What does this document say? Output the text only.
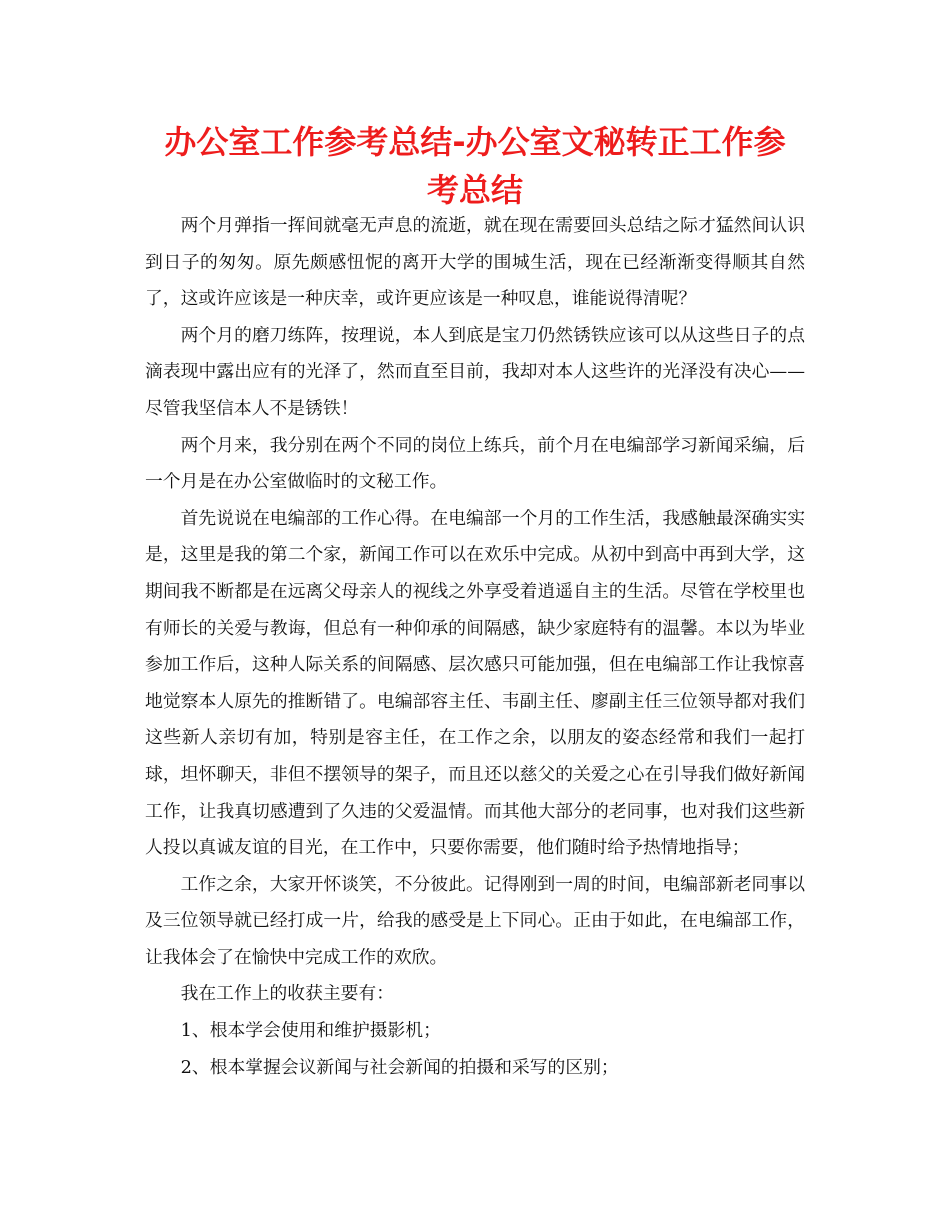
办公室工作参考总结-办公室文秘转正工作参考总结

两个月弹指一挥间就毫无声息的流逝，就在现在需要回头总结之际才猛然间认识到日子的匆匆。原先颇感忸怩的离开大学的围城生活，现在已经渐渐变得顺其自然了，这或许应该是一种庆幸，或许更应该是一种叹息，谁能说得清呢？

两个月的磨刀练阵，按理说，本人到底是宝刀仍然锈铁应该可以从这些日子的点滴表现中露出应有的光泽了，然而直至目前，我却对本人这些许的光泽没有决心——尽管我坚信本人不是锈铁！

两个月来，我分别在两个不同的岗位上练兵，前个月在电编部学习新闻采编，后一个月是在办公室做临时的文秘工作。

首先说说在电编部的工作心得。在电编部一个月的工作生活，我感触最深确实实是，这里是我的第二个家，新闻工作可以在欢乐中完成。从初中到高中再到大学，这期间我不断都是在远离父母亲人的视线之外享受着逍遥自主的生活。尽管在学校里也有师长的关爱与教诲，但总有一种仰承的间隔感，缺少家庭特有的温馨。本以为毕业参加工作后，这种人际关系的间隔感、层次感只可能加强，但在电编部工作让我惊喜地觉察本人原先的推断错了。电编部容主任、韦副主任、廖副主任三位领导都对我们这些新人亲切有加，特别是容主任，在工作之余，以朋友的姿态经常和我们一起打球，坦怀聊天，非但不摆领导的架子，而且还以慈父的关爱之心在引导我们做好新闻工作，让我真切感遭到了久违的父爱温情。而其他大部分的老同事，也对我们这些新人投以真诚友谊的目光，在工作中，只要你需要，他们随时给予热情地指导；

工作之余，大家开怀谈笑，不分彼此。记得刚到一周的时间，电编部新老同事以及三位领导就已经打成一片，给我的感受是上下同心。正由于如此，在电编部工作，让我体会了在愉快中完成工作的欢欣。

我在工作上的收获主要有：

1、根本学会使用和维护摄影机；

2、根本掌握会议新闻与社会新闻的拍摄和采写的区别；
